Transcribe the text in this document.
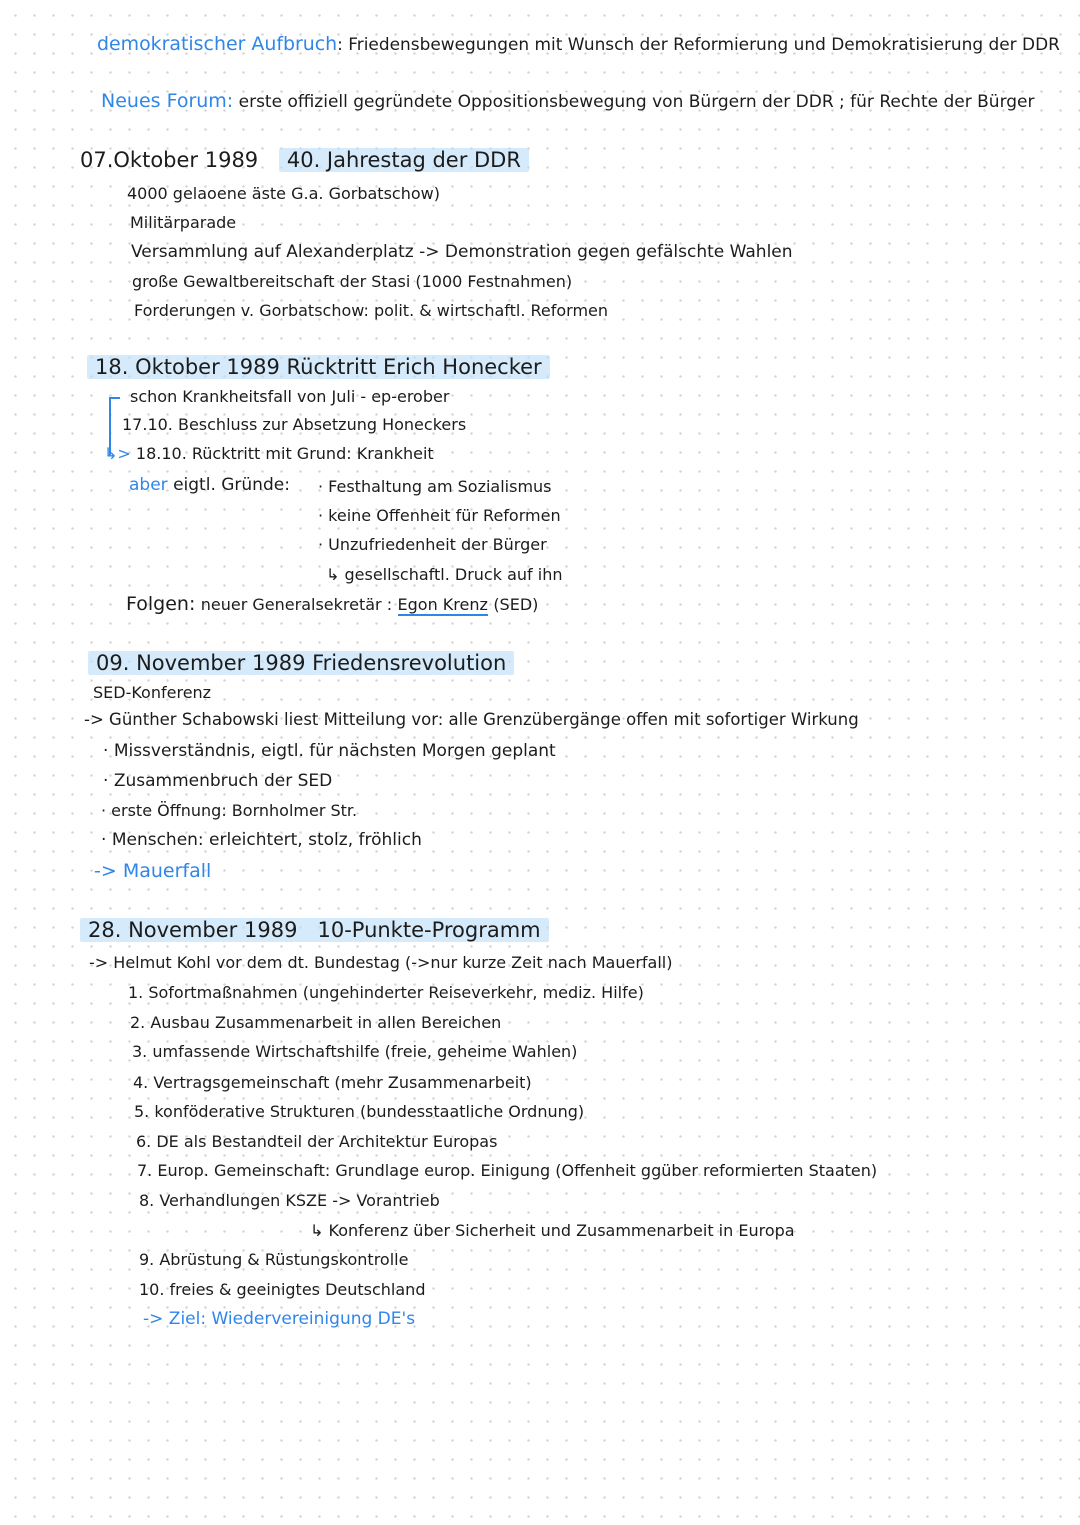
demokratischer Aufbruch: Friedensbewegungen mit Wunsch der Reformierung und Demokratisierung der DDR
Neues Forum: erste offiziell gegründete Oppositionsbewegung von Bürgern der DDR ; für Rechte der Bürger
07.Oktober 1989 40. Jahrestag der DDR
4000 gelaoene äste G.a. Gorbatschow)
Militärparade
Versammlung auf Alexanderplatz -> Demonstration gegen gefälschte Wahlen
große Gewaltbereitschaft der Stasi (1000 Festnahmen)
Forderungen v. Gorbatschow: polit. & wirtschaftl. Reformen
18. Oktober 1989 Rücktritt Erich Honecker
schon Krankheitsfall von Juli - ep-erober
17.10. Beschluss zur Absetzung Honeckers
↳> 18.10. Rücktritt mit Grund: Krankheit
aber eigtl. Gründe: · Festhaltung am Sozialismus
· keine Offenheit für Reformen
· Unzufriedenheit der Bürger
↳ gesellschaftl. Druck auf ihn
Folgen: neuer Generalsekretär : Egon Krenz (SED)
09. November 1989 Friedensrevolution
SED-Konferenz
-> Günther Schabowski liest Mitteilung vor: alle Grenzübergänge offen mit sofortiger Wirkung
· Missverständnis, eigtl. für nächsten Morgen geplant
· Zusammenbruch der SED
· erste Öffnung: Bornholmer Str.
· Menschen: erleichtert, stolz, fröhlich
-> Mauerfall
28. November 1989 10-Punkte-Programm
-> Helmut Kohl vor dem dt. Bundestag (->nur kurze Zeit nach Mauerfall)
1. Sofortmaßnahmen (ungehinderter Reiseverkehr, mediz. Hilfe)
2. Ausbau Zusammenarbeit in allen Bereichen
3. umfassende Wirtschaftshilfe (freie, geheime Wahlen)
4. Vertragsgemeinschaft (mehr Zusammenarbeit)
5. konföderative Strukturen (bundesstaatliche Ordnung)
6. DE als Bestandteil der Architektur Europas
7. Europ. Gemeinschaft: Grundlage europ. Einigung (Offenheit ggüber reformierten Staaten)
8. Verhandlungen KSZE -> Vorantrieb
↳ Konferenz über Sicherheit und Zusammenarbeit in Europa
9. Abrüstung & Rüstungskontrolle
10. freies & geeinigtes Deutschland
-> Ziel: Wiedervereinigung DE's
